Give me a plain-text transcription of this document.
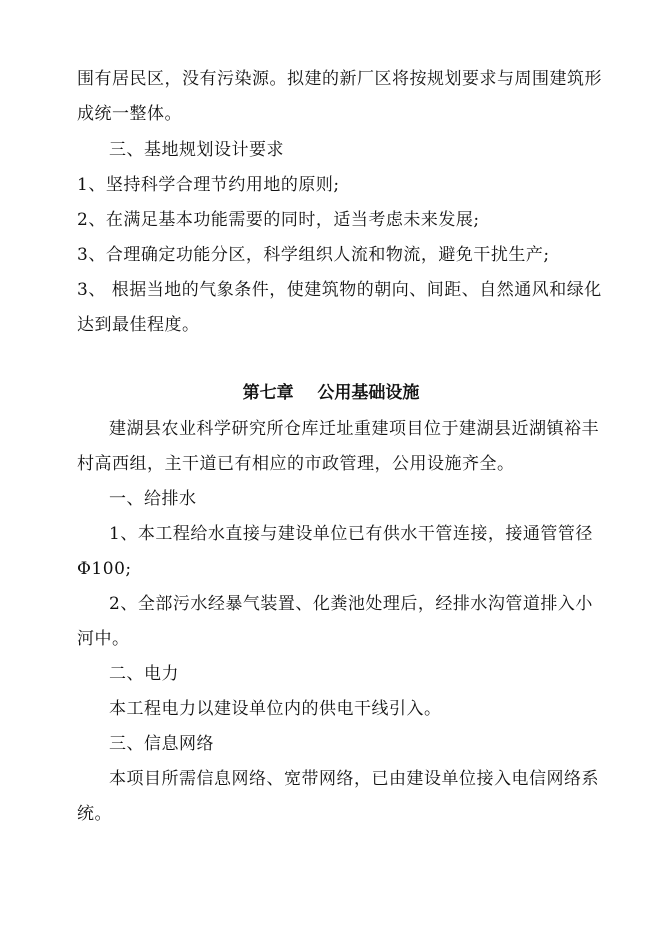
围有居民区，没有污染源。拟建的新厂区将按规划要求与周围建筑形
成统一整体。
三、基地规划设计要求
1、坚持科学合理节约用地的原则;
2、在满足基本功能需要的同时，适当考虑未来发展;
3、合理确定功能分区，科学组织人流和物流，避免干扰生产;
3、 根据当地的气象条件，使建筑物的朝向、间距、自然通风和绿化
达到最佳程度。
第七章    公用基础设施
建湖县农业科学研究所仓库迁址重建项目位于建湖县近湖镇裕丰
村高西组，主干道已有相应的市政管理，公用设施齐全。
一、给排水
1、本工程给水直接与建设单位已有供水干管连接，接通管管径
Φ100;
2、全部污水经暴气装置、化粪池处理后，经排水沟管道排入小
河中。
二、电力
本工程电力以建设单位内的供电干线引入。
三、信息网络
本项目所需信息网络、宽带网络，已由建设单位接入电信网络系
统。
